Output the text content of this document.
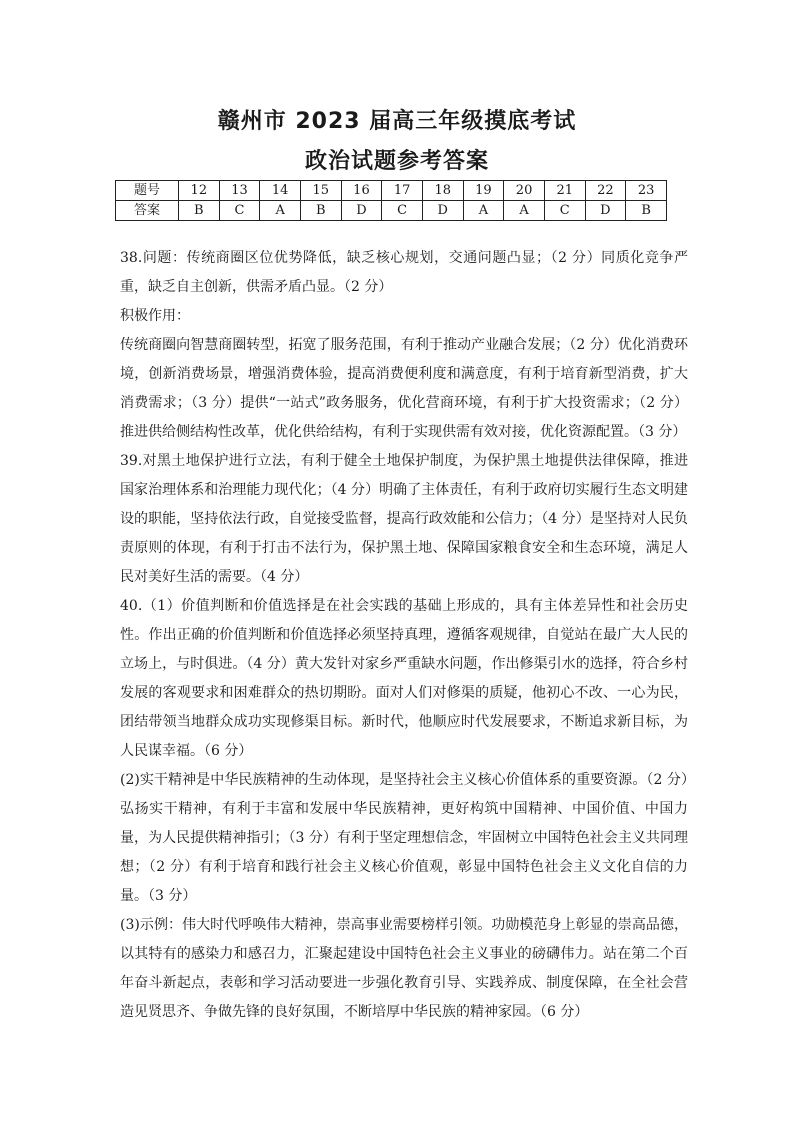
赣州市 2023 届高三年级摸底考试
政治试题参考答案
题号	12	13	14	15	16	17	18	19	20	21	22	23
答案	B	C	A	B	D	C	D	A	A	C	D	B

38.问题：传统商圈区位优势降低，缺乏核心规划，交通问题凸显；（2 分）同质化竞争严重，缺乏自主创新，供需矛盾凸显。（2 分）

积极作用：

传统商圈向智慧商圈转型，拓宽了服务范围，有利于推动产业融合发展；（2 分）优化消费环境，创新消费场景，增强消费体验，提高消费便利度和满意度，有利于培育新型消费，扩大消费需求；（3 分）提供“一站式”政务服务，优化营商环境，有利于扩大投资需求；（2 分）推进供给侧结构性改革，优化供给结构，有利于实现供需有效对接，优化资源配置。（3 分）

39.对黑土地保护进行立法，有利于健全土地保护制度，为保护黑土地提供法律保障，推进国家治理体系和治理能力现代化；（4 分）明确了主体责任，有利于政府切实履行生态文明建设的职能，坚持依法行政，自觉接受监督，提高行政效能和公信力；（4 分）是坚持对人民负责原则的体现，有利于打击不法行为，保护黑土地、保障国家粮食安全和生态环境，满足人民对美好生活的需要。（4 分）

40.（1）价值判断和价值选择是在社会实践的基础上形成的，具有主体差异性和社会历史性。作出正确的价值判断和价值选择必须坚持真理，遵循客观规律，自觉站在最广大人民的立场上，与时俱进。（4 分）黄大发针对家乡严重缺水问题，作出修渠引水的选择，符合乡村发展的客观要求和困难群众的热切期盼。面对人们对修渠的质疑，他初心不改、一心为民，团结带领当地群众成功实现修渠目标。新时代，他顺应时代发展要求，不断追求新目标，为人民谋幸福。（6 分）

(2)实干精神是中华民族精神的生动体现，是坚持社会主义核心价值体系的重要资源。（2 分）弘扬实干精神，有利于丰富和发展中华民族精神，更好构筑中国精神、中国价值、中国力量，为人民提供精神指引；（3 分）有利于坚定理想信念，牢固树立中国特色社会主义共同理想；（2 分）有利于培育和践行社会主义核心价值观，彰显中国特色社会主义文化自信的力量。（3 分）

(3)示例：伟大时代呼唤伟大精神，崇高事业需要榜样引领。功勋模范身上彰显的崇高品德，以其特有的感染力和感召力，汇聚起建设中国特色社会主义事业的磅礴伟力。站在第二个百年奋斗新起点，表彰和学习活动要进一步强化教育引导、实践养成、制度保障，在全社会营造见贤思齐、争做先锋的良好氛围，不断培厚中华民族的精神家园。（6 分）
